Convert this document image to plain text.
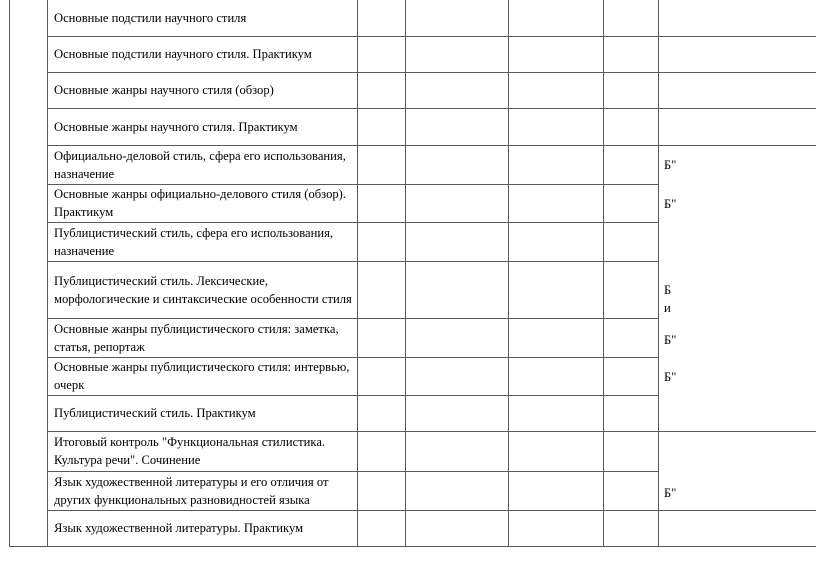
Основные подстили научного стиля
Основные подстили научного стиля. Практикум
Основные жанры научного стиля (обзор)
Основные жанры научного стиля. Практикум
Официально-деловой стиль, сфера его использования, назначение
Основные жанры официально-делового стиля (обзор). Практикум
Публицистический стиль, сфера его использования, назначение
Публицистический стиль. Лексические, морфологические и синтаксические особенности стиля
Основные жанры публицистического стиля: заметка, статья, репортаж
Основные жанры публицистического стиля: интервью, очерк
Публицистический стиль. Практикум
Итоговый контроль "Функциональная стилистика. Культура речи". Сочинение
Язык художественной литературы и его отличия от других функциональных разновидностей языка
Язык художественной литературы. Практикум
Б"
Б"
Би
Б"
Б"
Б"
